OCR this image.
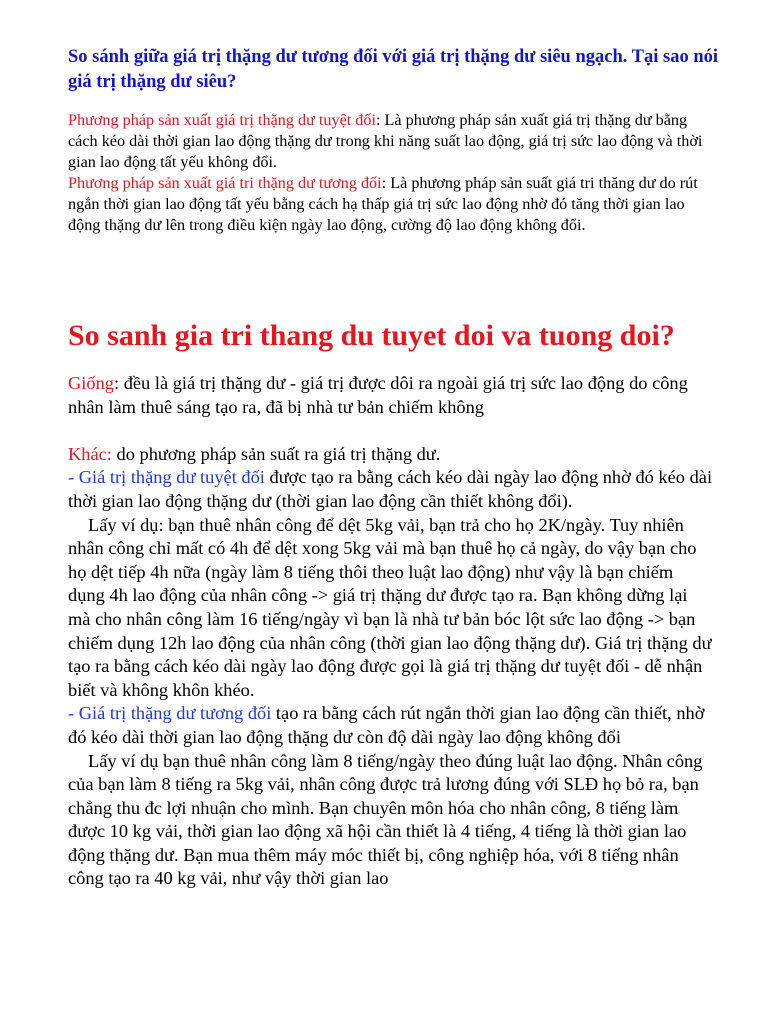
So sánh giữa giá trị thặng dư tương đối với giá trị thặng dư siêu ngạch. Tại sao nói giá trị thặng dư siêu?

Phương pháp sản xuất giá trị thặng dư tuyệt đối: Là phương pháp sản xuất giá trị thặng dư bằng cách kéo dài thời gian lao động thặng dư trong khi năng suất lao động, giá trị sức lao động và thời gian lao động tất yếu không đổi.

Phương pháp sản xuất giá tri thặng dư tương đối: Là phương pháp sản suất giá tri thăng dư do rút ngắn thời gian lao động tất yếu bằng cách hạ thấp giá trị sức lao động nhờ đó tăng thời gian lao động thặng dư lên trong điều kiện ngày lao động, cường độ lao động không đổi.

So sanh gia tri thang du tuyet doi va tuong doi?

Giống: đều là giá trị thặng dư - giá trị được dôi ra ngoài giá trị sức lao động do công nhân làm thuê sáng tạo ra, đã bị nhà tư bản chiếm không

Khác: do phương pháp sản suất ra giá trị thặng dư.

- Giá trị thặng dư tuyệt đối được tạo ra bằng cách kéo dài ngày lao động nhờ đó kéo dài thời gian lao động thặng dư (thời gian lao động cần thiết không đổi).

Lấy ví dụ: bạn thuê nhân công để dệt 5kg vải, bạn trả cho họ 2K/ngày. Tuy nhiên nhân công chỉ mất có 4h để dệt xong 5kg vải mà bạn thuê họ cả ngày, do vậy bạn cho họ dệt tiếp 4h nữa (ngày làm 8 tiếng thôi theo luật lao động) như vậy là bạn chiếm dụng 4h lao động của nhân công -> giá trị thặng dư được tạo ra. Bạn không dừng lại mà cho nhân công làm 16 tiếng/ngày vì bạn là nhà tư bản bóc lột sức lao động -> bạn chiếm dụng 12h lao động của nhân công (thời gian lao động thặng dư). Giá trị thặng dư tạo ra bằng cách kéo dài ngày lao động được gọi là giá trị thặng dư tuyệt đối - dễ nhận biết và không khôn khéo.

- Giá trị thặng dư tương đối tạo ra bằng cách rút ngắn thời gian lao động cần thiết, nhờ đó kéo dài thời gian lao động thặng dư còn độ dài ngày lao động không đổi

Lấy ví dụ bạn thuê nhân công làm 8 tiếng/ngày theo đúng luật lao động. Nhân công của bạn làm 8 tiếng ra 5kg vải, nhân công được trả lương đúng với SLĐ họ bỏ ra, bạn chẳng thu đc lợi nhuận cho mình. Bạn chuyên môn hóa cho nhân công, 8 tiếng làm được 10 kg vải, thời gian lao động xã hội cần thiết là 4 tiếng, 4 tiếng là thời gian lao động thặng dư. Bạn mua thêm máy móc thiết bị, công nghiệp hóa, với 8 tiếng nhân công tạo ra 40 kg vải, như vậy thời gian lao
